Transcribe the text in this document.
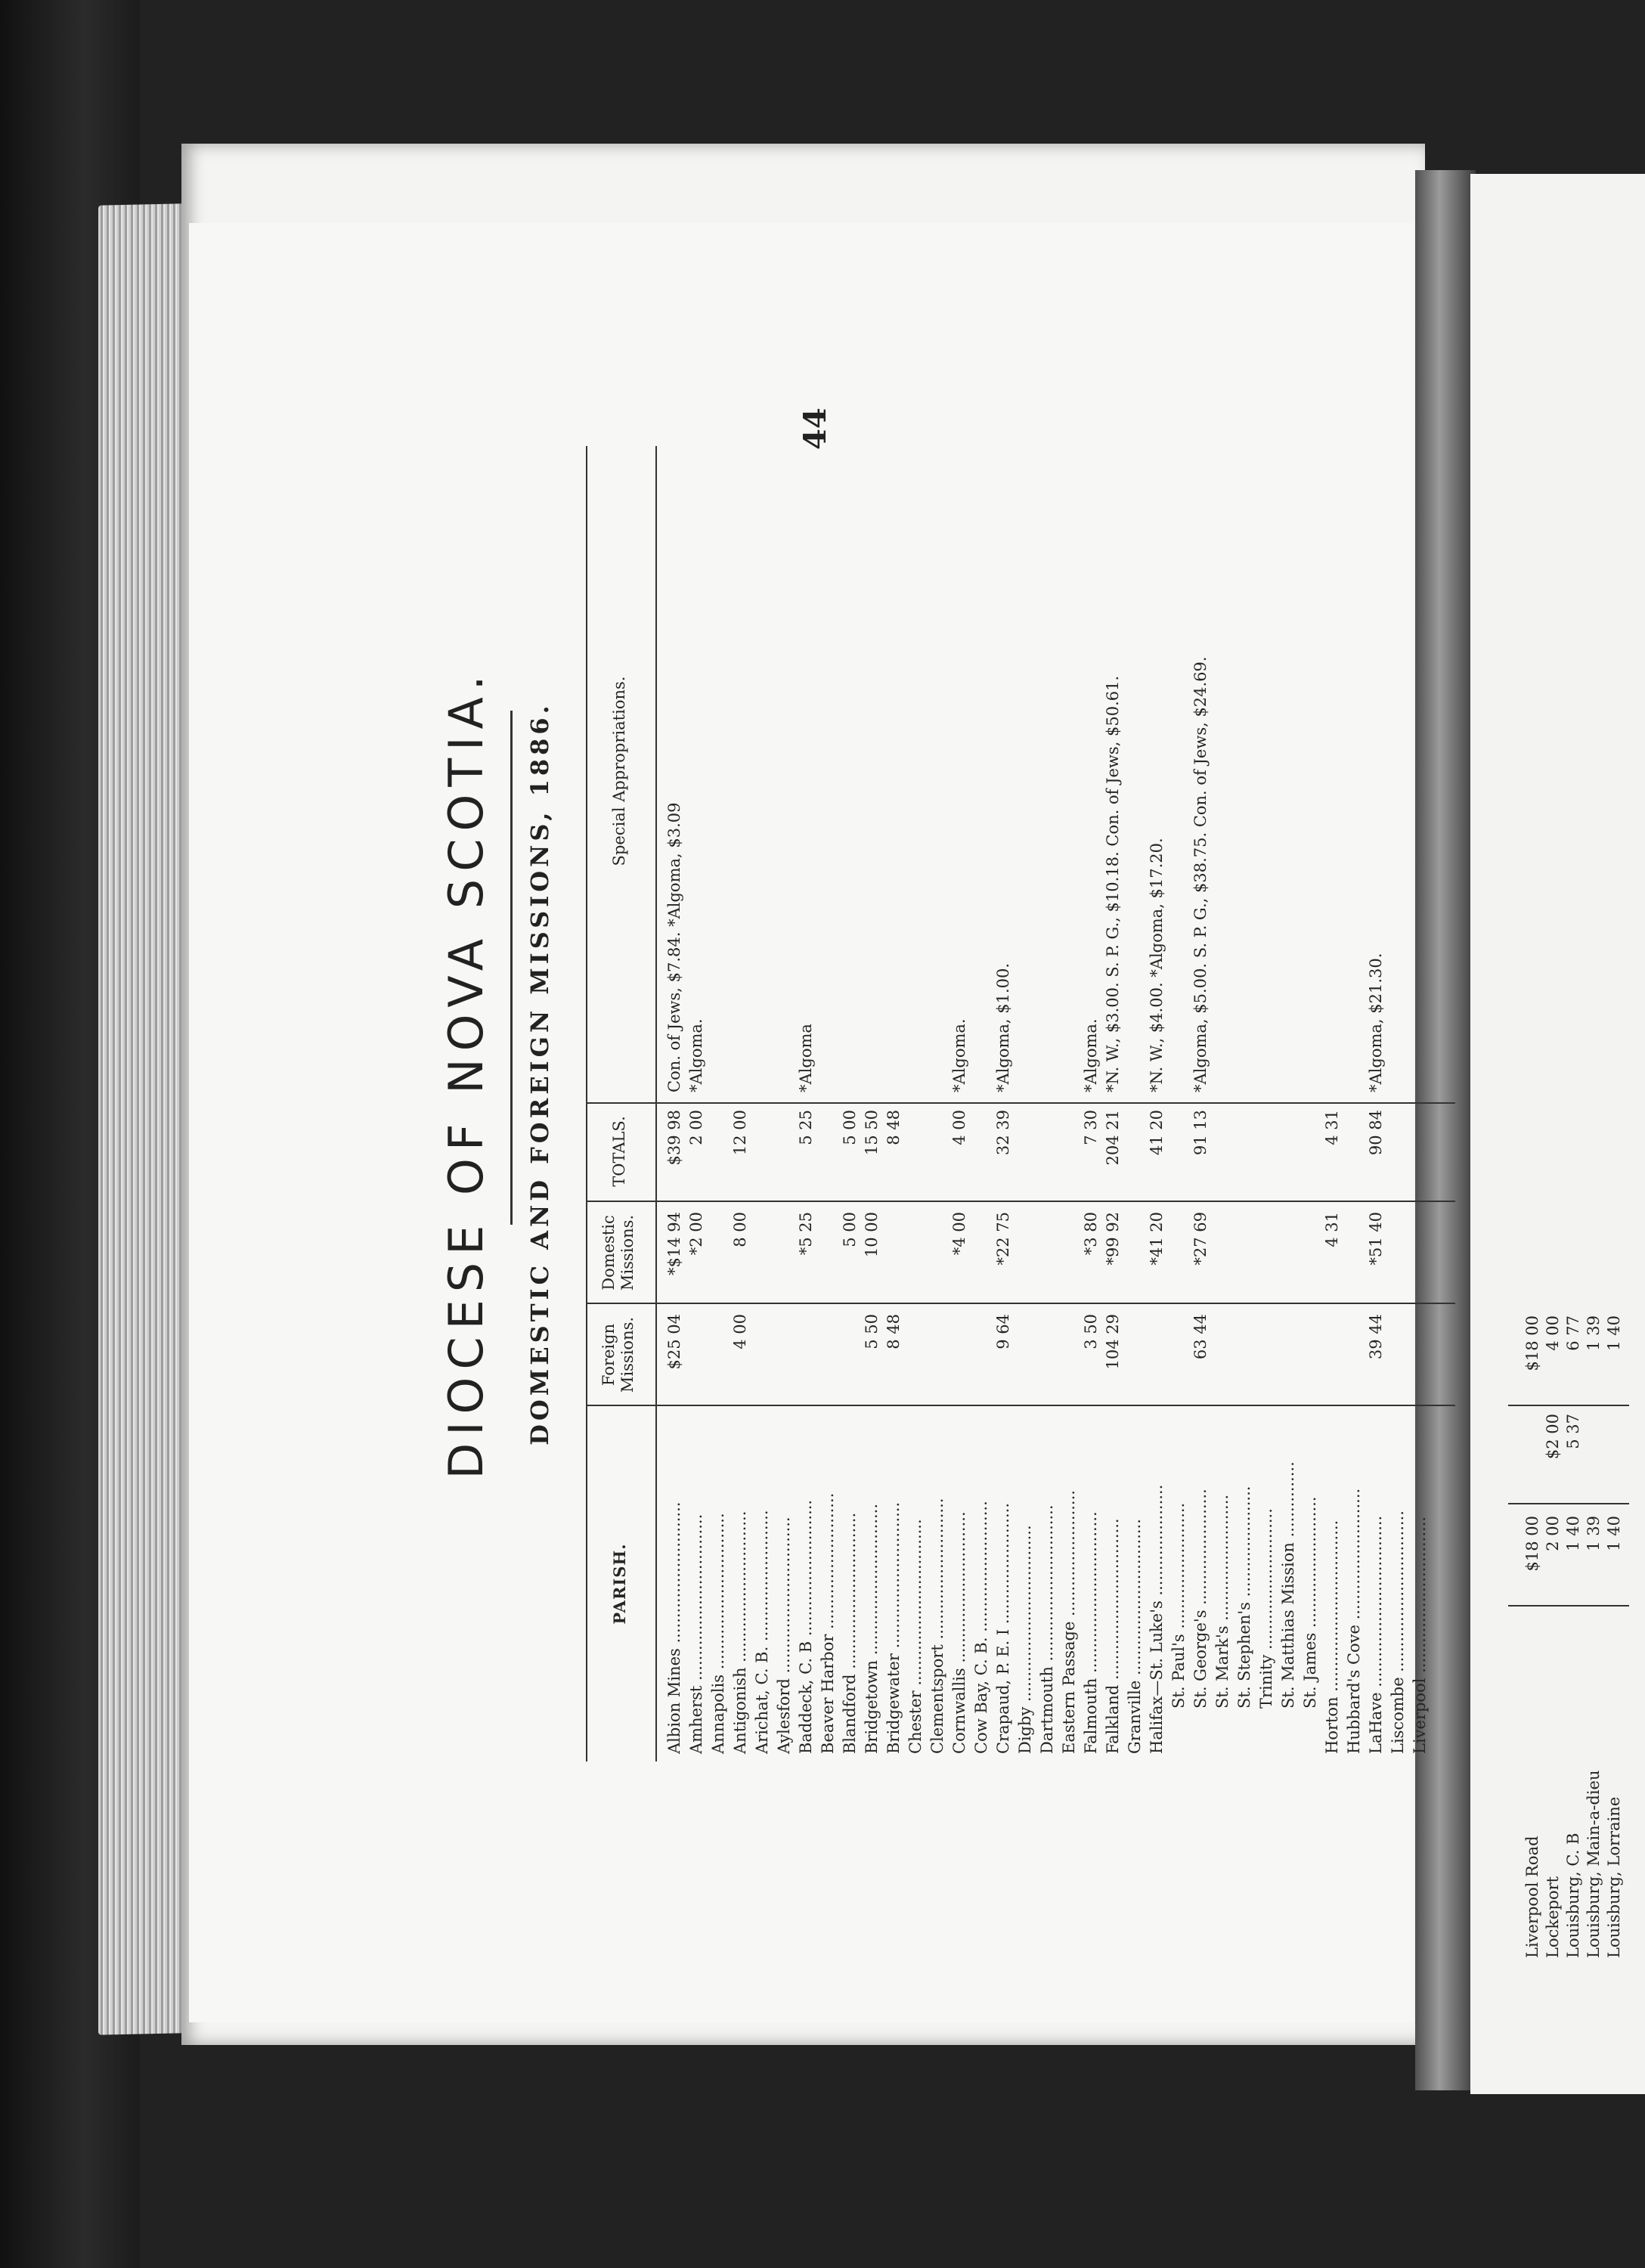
44
DIOCESE OF NOVA SCOTIA. DOMESTIC AND FOREIGN MISSIONS, 1886.
PARISH.
Foreign Missions.
Domestic Missions.
TOTALS.
Special Appropriations.
Albion Mines ............................
$25 04
*$14 94
$39 98
Con. of Jews, $7.84. *Algoma, $3.09
Amherst .................................
*2 00
2 00
*Algoma.
Annapolis ............................... Antigonish ..............................
4 00
8 00
12 00
Arichat, C. B. .......................... Aylesford ............................... Baddeck, C. B ...........................
*5 25
5 25
*Algoma
Beaver Harbor ........................... Blandford ...............................
5 00
5 00
Bridgetown ..............................
5 50
10 00
15 50
Bridgewater .............................
8 48
8 48
Chester ................................. Clementsport ............................ Cornwallis ..............................
*4 00
4 00
*Algoma.
Cow Bay, C. B. .......................... Crapaud, P. E. I ........................
9 64
*22 75
32 39
*Algoma, $1.00.
Digby ................................... Dartmouth ............................... Eastern Passage ......................... Falmouth ................................
3 50
*3 80
7 30
*Algoma.
Falkland ................................
104 29
*99 92
204 21
*N. W., $3.00. S. P. G., $10.18. Con. of Jews, $50.61.
Granville ............................... Halifax—St. Luke's ......................
*41 20
41 20
*N. W., $4.00. *Algoma, $17.20.
St. Paul's ......................... St. George's .......................
63 44
*27 69
91 13
*Algoma, $5.00. S. P. G., $38.75. Con. of Jews, $24.69.
St. Mark's ......................... St. Stephen's ...................... Trinity ............................ St. Matthias Mission ............... St. James .......................... Horton ..................................
4 31
4 31
Hubbard's Cove .......................... LaHave ..................................
39 44
*51 40
90 84
*Algoma, $21.30.
Liscombe ................................ Liverpool ...............................
Liverpool Road
$18 00
$18 00
Lockeport
2 00
$2 00
4 00
Louisburg, C. B
1 40
5 37
6 77
Louisburg, Main-a-dieu
1 39
1 39
Louisburg, Lorraine
1 40
1 40
